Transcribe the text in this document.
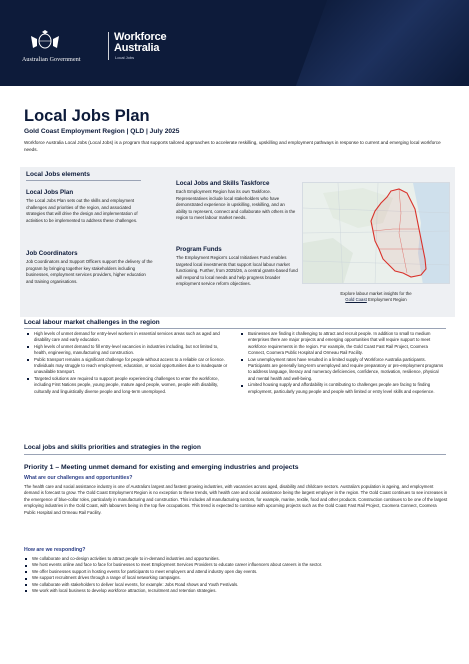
Australian Government
Workforce
Australia
Local Jobs
Local Jobs Plan
Gold Coast Employment Region | QLD | July 2025
Workforce Australia Local Jobs (Local Jobs) is a program that supports tailored approaches to accelerate reskilling, upskilling and employment pathways in response to current and emerging local workforce needs.
Local Jobs elements
Local Jobs Plan
The Local Jobs Plan sets out the skills and employment challenges and priorities of the region, and associated strategies that will drive the design and implementation of activities to be implemented to address these challenges.
Job Coordinators
Job Coordinators and Support Officers support the delivery of the program by bringing together key stakeholders including businesses, employment services providers, higher education and training organisations.
Local Jobs and Skills Taskforce
Each Employment Region has its own Taskforce. Representatives include local stakeholders who have demonstrated experience in upskilling, reskilling, and an ability to represent, connect and collaborate with others in the region to meet labour market needs.
Program Funds
The Employment Region's Local Initiatives Fund enables targeted local investments that support local labour market functioning. Further, from 2025/26, a central grants-based fund will respond to local needs and help progress broader employment service reform objectives.
Explore labour market insights for the
Gold Coast Employment Region
Local labour market challenges in the region
High levels of unmet demand for entry-level workers in essential services areas such as aged and disability care and early education.
High levels of unmet demand to fill entry-level vacancies in industries including, but not limited to, health, engineering, manufacturing and construction.
Public transport remains a significant challenge for people without access to a reliable car or licence. Individuals may struggle to reach employment, education, or social opportunities due to inadequate or unavailable transport.
Targeted solutions are required to support people experiencing challenges to enter the workforce, including First Nations people, young people, mature aged people, women, people with disability, culturally and linguistically diverse people and long-term unemployed.
Businesses are finding it challenging to attract and recruit people. In addition to small to medium enterprises there are major projects and emerging opportunities that will require support to meet workforce requirements in the region. For example, the Gold Coast Fast Rail Project, Coomera Connect, Coomera Public Hospital and Ormeau Rail Facility.
Low unemployment rates have resulted in a limited supply of Workforce Australia participants. Participants are generally long-term unemployed and require preparatory or pre-employment programs to address language, literacy and numeracy deficiencies, confidence, motivation, resilience, physical and mental health and well-being.
Limited housing supply and affordability is contributing to challenges people are facing to finding employment, particularly young people and people with limited or entry level skills and experience.
Local jobs and skills priorities and strategies in the region
Priority 1 – Meeting unmet demand for existing and emerging industries and projects
What are our challenges and opportunities?
The health care and social assistance industry is one of Australia's largest and fastest growing industries, with vacancies across aged, disability and childcare sectors. Australia's population is ageing, and employment demand is forecast to grow. The Gold Coast Employment Region is no exception to these trends, with health care and social assistance being the largest employer in the region. The Gold Coast continues to see increases in the emergence of blue-collar roles, particularly in manufacturing and construction. This includes all manufacturing sectors, for example, marine, textile, food and other products. Construction continues to be one of the largest employing industries in the Gold Coast, with labourers being in the top five occupations. This trend is expected to continue with upcoming projects such as the Gold Coast Fast Rail Project, Coomera Connect, Coomera Public Hospital and Ormeau Rail Facility.
How are we responding?
We collaborate and co-design activities to attract people to in-demand industries and opportunities.
We host events online and face to face for businesses to meet Employment Services Providers to educate career influencers about careers in the sector.
We offer businesses support in hosting events for participants to meet employers and attend industry open day events.
We support recruitment drives through a range of local networking campaigns.
We collaborate with stakeholders to deliver local events, for example: Jobs Road shows and Youth Festivals.
We work with local business to develop workforce attraction, recruitment and retention strategies.
